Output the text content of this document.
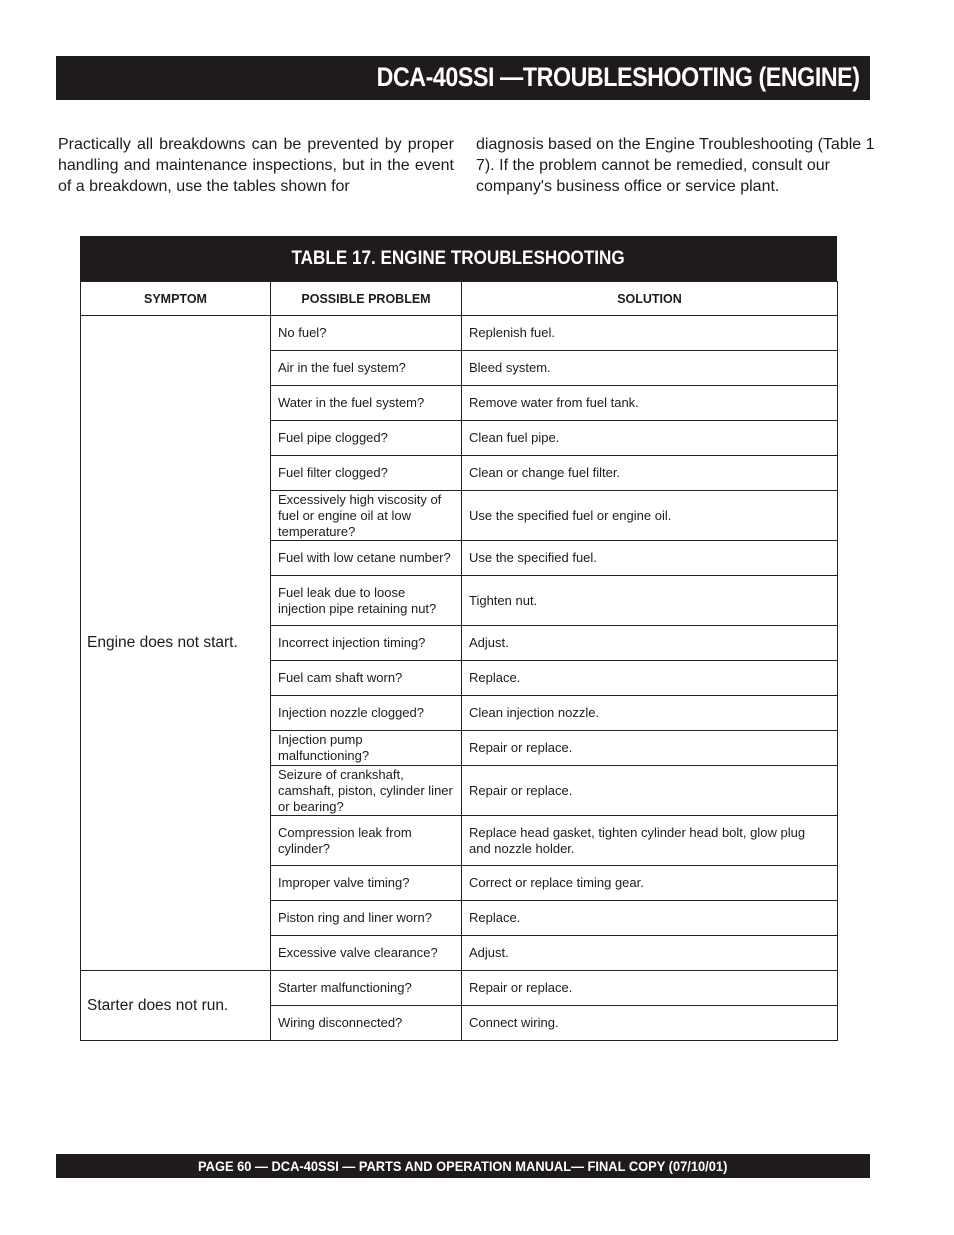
DCA-40SSI —TROUBLESHOOTING (ENGINE)

Practically all breakdowns can be prevented by proper handling and maintenance inspections, but in the event of a breakdown, use the tables shown for

diagnosis based on the Engine Troubleshooting (Table 1 7). If the problem cannot be remedied, consult our company's business office or service plant.

TABLE 17. ENGINE TROUBLESHOOTING
SYMPTOM	POSSIBLE PROBLEM	SOLUTION
Engine does not start.	No fuel?	Replenish fuel.
	Air in the fuel system?	Bleed system.
	Water in the fuel system?	Remove water from fuel tank.
	Fuel pipe clogged?	Clean fuel pipe.
	Fuel filter clogged?	Clean or change fuel filter.
	Excessively high viscosity of fuel or engine oil at low temperature?	Use the specified fuel or engine oil.
	Fuel with low cetane number?	Use the specified fuel.
	Fuel leak due to loose injection pipe retaining nut?	Tighten nut.
	Incorrect injection timing?	Adjust.
	Fuel cam shaft worn?	Replace.
	Injection nozzle clogged?	Clean injection nozzle.
	Injection pump malfunctioning?	Repair or replace.
	Seizure of crankshaft, camshaft, piston, cylinder liner or bearing?	Repair or replace.
	Compression leak from cylinder?	Replace head gasket, tighten cylinder head bolt, glow plug and nozzle holder.
	Improper valve timing?	Correct or replace timing gear.
	Piston ring and liner worn?	Replace.
	Excessive valve clearance?	Adjust.
Starter does not run.	Starter malfunctioning?	Repair or replace.
	Wiring disconnected?	Connect wiring.
PAGE 60 — DCA-40SSI — PARTS AND OPERATION MANUAL— FINAL COPY (07/10/01)
